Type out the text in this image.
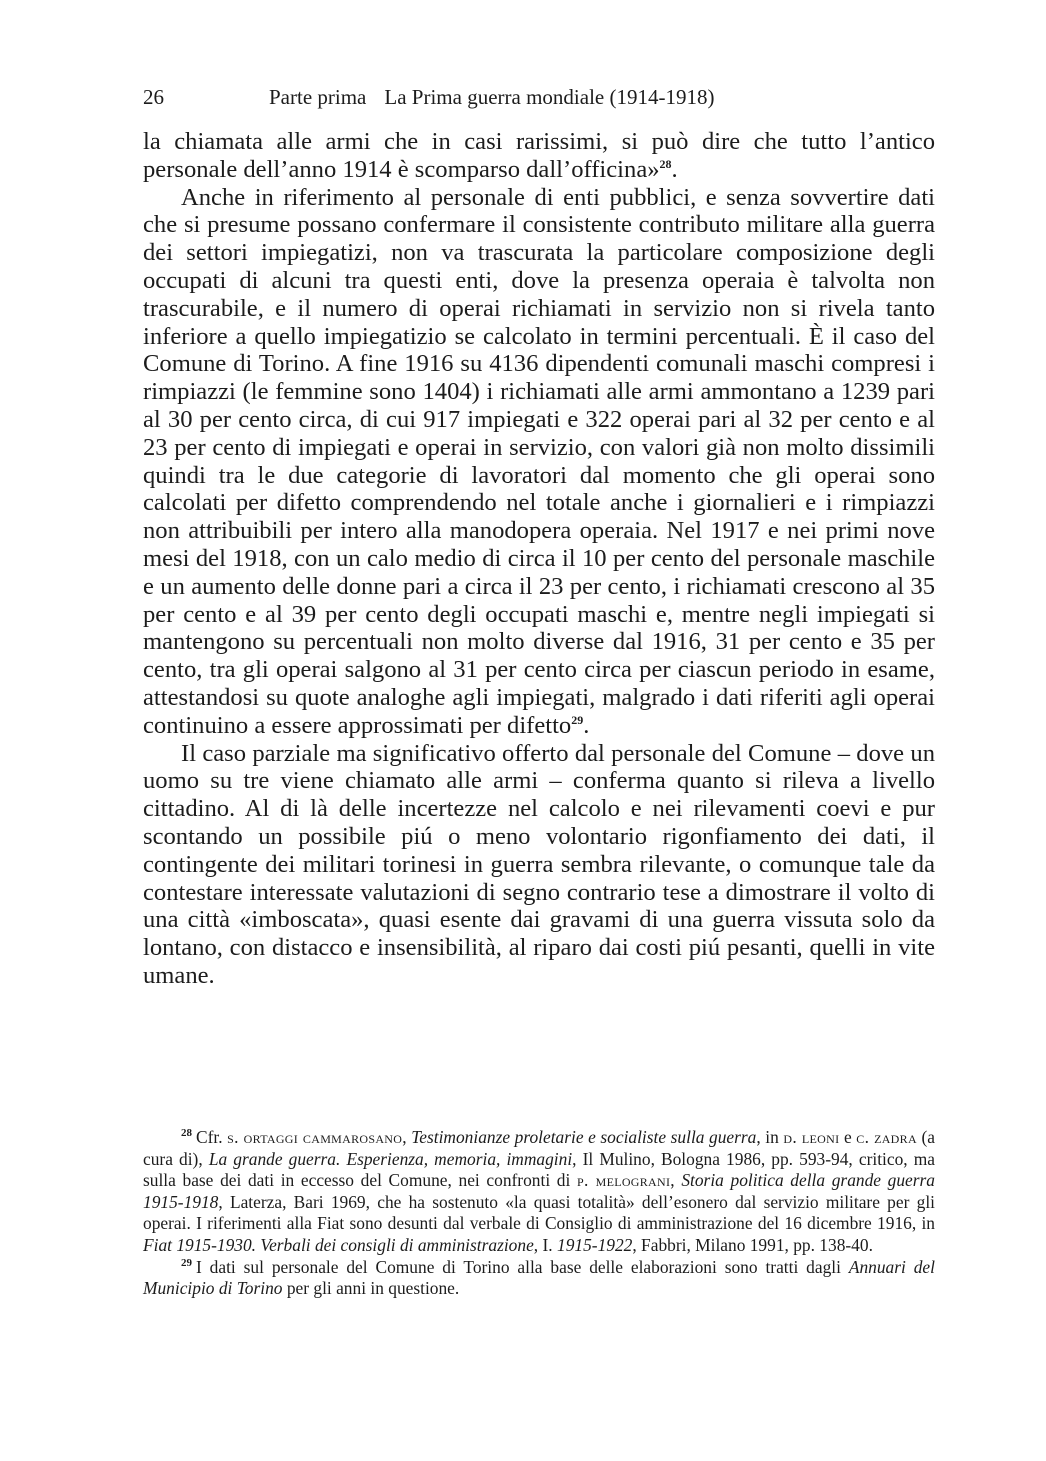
26	Parte prima La Prima guerra mondiale (1914-1918)

la chiamata alle armi che in casi rarissimi, si può dire che tutto l’antico personale dell’anno 1914 è scomparso dall’officina»$^{28}$.

Anche in riferimento al personale di enti pubblici, e senza sovvertire dati che si presume possano confermare il consistente contributo militare alla guerra dei settori impiegatizi, non va trascurata la particolare composizione degli occupati di alcuni tra questi enti, dove la presenza operaia è talvolta non trascurabile, e il numero di operai richiamati in servizio non si rivela tanto inferiore a quello impiegatizio se calcolato in termini percentuali. È il caso del Comune di Torino. A fine 1916 su 4136 dipendenti comunali maschi compresi i rimpiazzi (le femmine sono 1404) i richiamati alle armi ammontano a 1239 pari al 30 per cento circa, di cui 917 impiegati e 322 operai pari al 32 per cento e al 23 per cento di impiegati e operai in servizio, con valori già non molto dissimili quindi tra le due categorie di lavoratori dal momento che gli operai sono calcolati per difetto comprendendo nel totale anche i giornalieri e i rimpiazzi non attribuibili per intero alla manodopera operaia. Nel 1917 e nei primi nove mesi del 1918, con un calo medio di circa il 10 per cento del personale maschile e un aumento delle donne pari a circa il 23 per cento, i richiamati crescono al 35 per cento e al 39 per cento degli occupati maschi e, mentre negli impiegati si mantengono su percentuali non molto diverse dal 1916, 31 per cento e 35 per cento, tra gli operai salgono al 31 per cento circa per ciascun periodo in esame, attestandosi su quote analoghe agli impiegati, malgrado i dati riferiti agli operai continuino a essere approssimati per difetto$^{29}$.

Il caso parziale ma significativo offerto dal personale del Comune – dove un uomo su tre viene chiamato alle armi – conferma quanto si rileva a livello cittadino. Al di là delle incertezze nel calcolo e nei rilevamenti coevi e pur scontando un possibile piú o meno volontario rigonfiamento dei dati, il contingente dei militari torinesi in guerra sembra rilevante, o comunque tale da contestare interessate valutazioni di segno contrario tese a dimostrare il volto di una città «imboscata», quasi esente dai gravami di una guerra vissuta solo da lontano, con distacco e insensibilità, al riparo dai costi piú pesanti, quelli in vite umane.

$^{28}$ Cfr. s. ortaggi cammarosano, Testimonianze proletarie e socialiste sulla guerra, in d. leoni e c. zadra (a cura di), La grande guerra. Esperienza, memoria, immagini, Il Mulino, Bologna 1986, pp. 593-94, critico, ma sulla base dei dati in eccesso del Comune, nei confronti di p. melograni, Storia politica della grande guerra 1915-1918, Laterza, Bari 1969, che ha sostenuto «la quasi totalità» dell’esonero dal servizio militare per gli operai. I riferimenti alla Fiat sono desunti dal verbale di Consiglio di amministrazione del 16 dicembre 1916, in Fiat 1915-1930. Verbali dei consigli di amministrazione, I. 1915-1922, Fabbri, Milano 1991, pp. 138-40.

$^{29}$ I dati sul personale del Comune di Torino alla base delle elaborazioni sono tratti dagli Annuari del Municipio di Torino per gli anni in questione.
